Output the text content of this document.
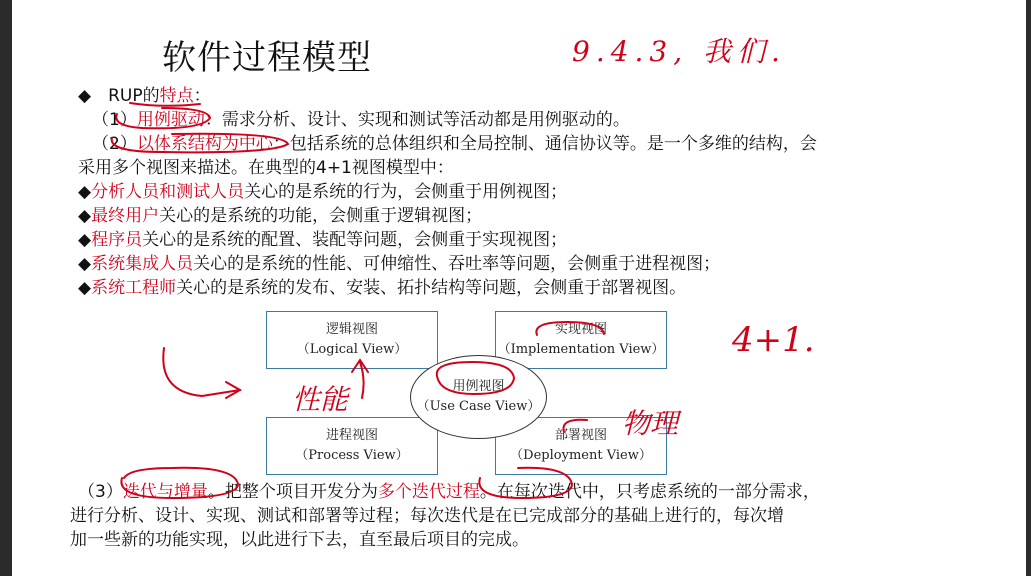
软件过程模型	9.4.3, 我们.
◆　RUP的特点：
（1）用例驱动：需求分析、设计、实现和测试等活动都是用例驱动的。
（2）以体系结构为中心：包括系统的总体组织和全局控制、通信协议等。是一个多维的结构，会
采用多个视图来描述。在典型的4+1视图模型中：
◆分析人员和测试人员关心的是系统的行为，会侧重于用例视图；
◆最终用户关心的是系统的功能，会侧重于逻辑视图；
◆程序员关心的是系统的配置、装配等问题，会侧重于实现视图；
◆系统集成人员关心的是系统的性能、可伸缩性、吞吐率等问题，会侧重于进程视图；
◆系统工程师关心的是系统的发布、安装、拓扑结构等问题，会侧重于部署视图。
逻辑视图
（Logical View）
实现视图
（Implementation View）
进程视图
（Process View）
部署视图
（Deployment View）
用例视图
（Use Case View）
（3）迭代与增量。把整个项目开发分为多个迭代过程。在每次迭代中，只考虑系统的一部分需求，
进行分析、设计、实现、测试和部署等过程；每次迭代是在已完成部分的基础上进行的，每次增
加一些新的功能实现，以此进行下去，直至最后项目的完成。
4+1.
性能
物理
